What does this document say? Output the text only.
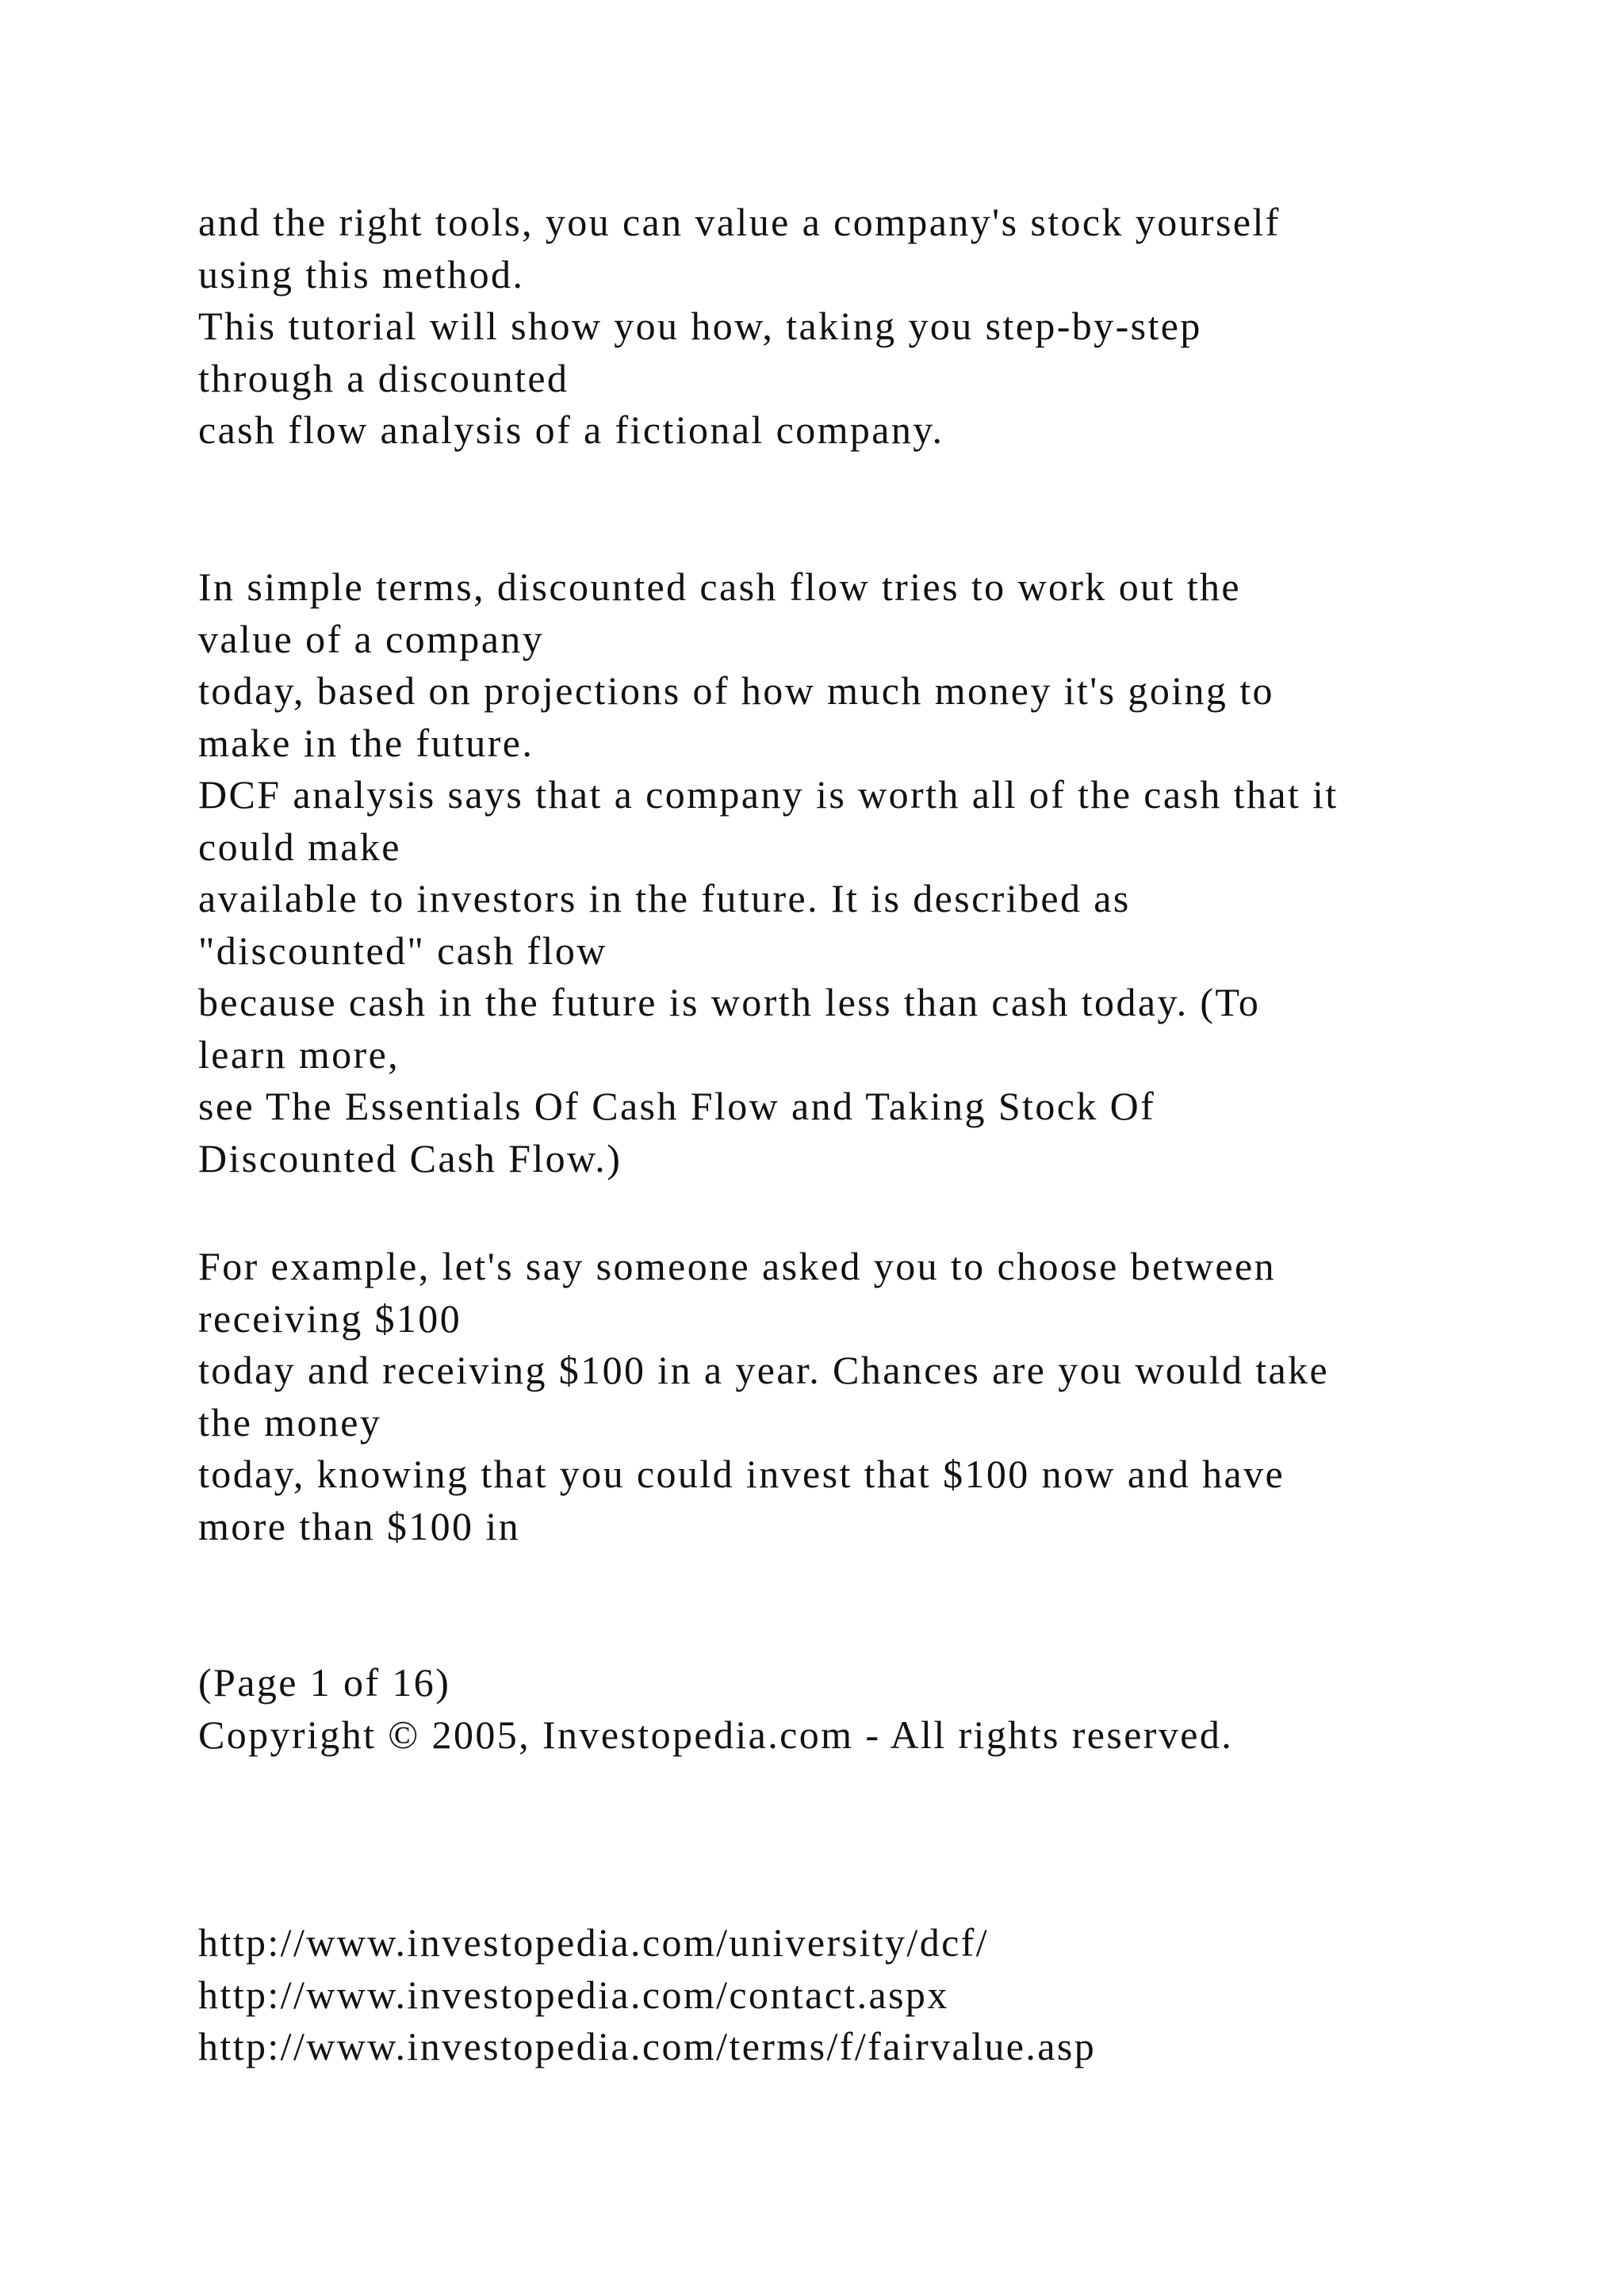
and the right tools, you can value a company's stock yourself
using this method.
This tutorial will show you how, taking you step-by-step
through a discounted
cash flow analysis of a fictional company.
In simple terms, discounted cash flow tries to work out the
value of a company
today, based on projections of how much money it's going to
make in the future.
DCF analysis says that a company is worth all of the cash that it
could make
available to investors in the future. It is described as
"discounted" cash flow
because cash in the future is worth less than cash today. (To
learn more,
see The Essentials Of Cash Flow and Taking Stock Of
Discounted Cash Flow.)
For example, let's say someone asked you to choose between
receiving $100
today and receiving $100 in a year. Chances are you would take
the money
today, knowing that you could invest that $100 now and have
more than $100 in
(Page 1 of 16)
Copyright © 2005, Investopedia.com - All rights reserved.
http://www.investopedia.com/university/dcf/
http://www.investopedia.com/contact.aspx
http://www.investopedia.com/terms/f/fairvalue.asp
